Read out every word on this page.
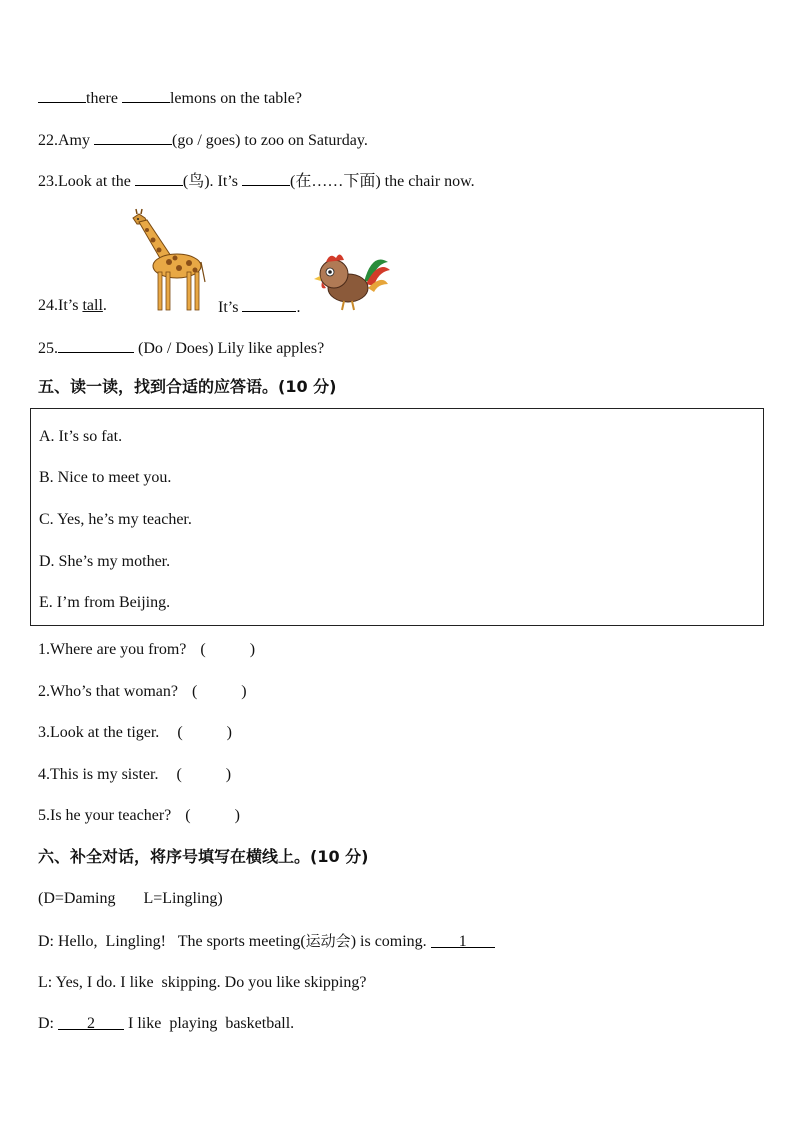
there	lemons on the table?
22.Amy	(go / goes) to zoo on Saturday.
23.Look at the	(鸟). It’s	(在……下面) the chair now.
24.It’s tall.	It’s	.
25.	(Do / Does) Lily like apples?
五、读一读，找到合适的应答语。(10 分)
A. It’s so fat.
B. Nice to meet you.
C. Yes, he’s my teacher.
D. She’s my mother.
E. I’m from Beijing.
1.Where are you from? (           )
2.Who’s that woman? (           )
3.Look at the tiger. (           )
4.This is my sister. (           )
5.Is he your teacher? (           )
六、补全对话，将序号填写在横线上。(10 分)
(D=Daming       L=Lingling)
D: Hello,  Lingling!   The sports meeting(运动会) is coming. 1
L: Yes, I do. I like  skipping. Do you like skipping?
D: 2 I like  playing  basketball.
